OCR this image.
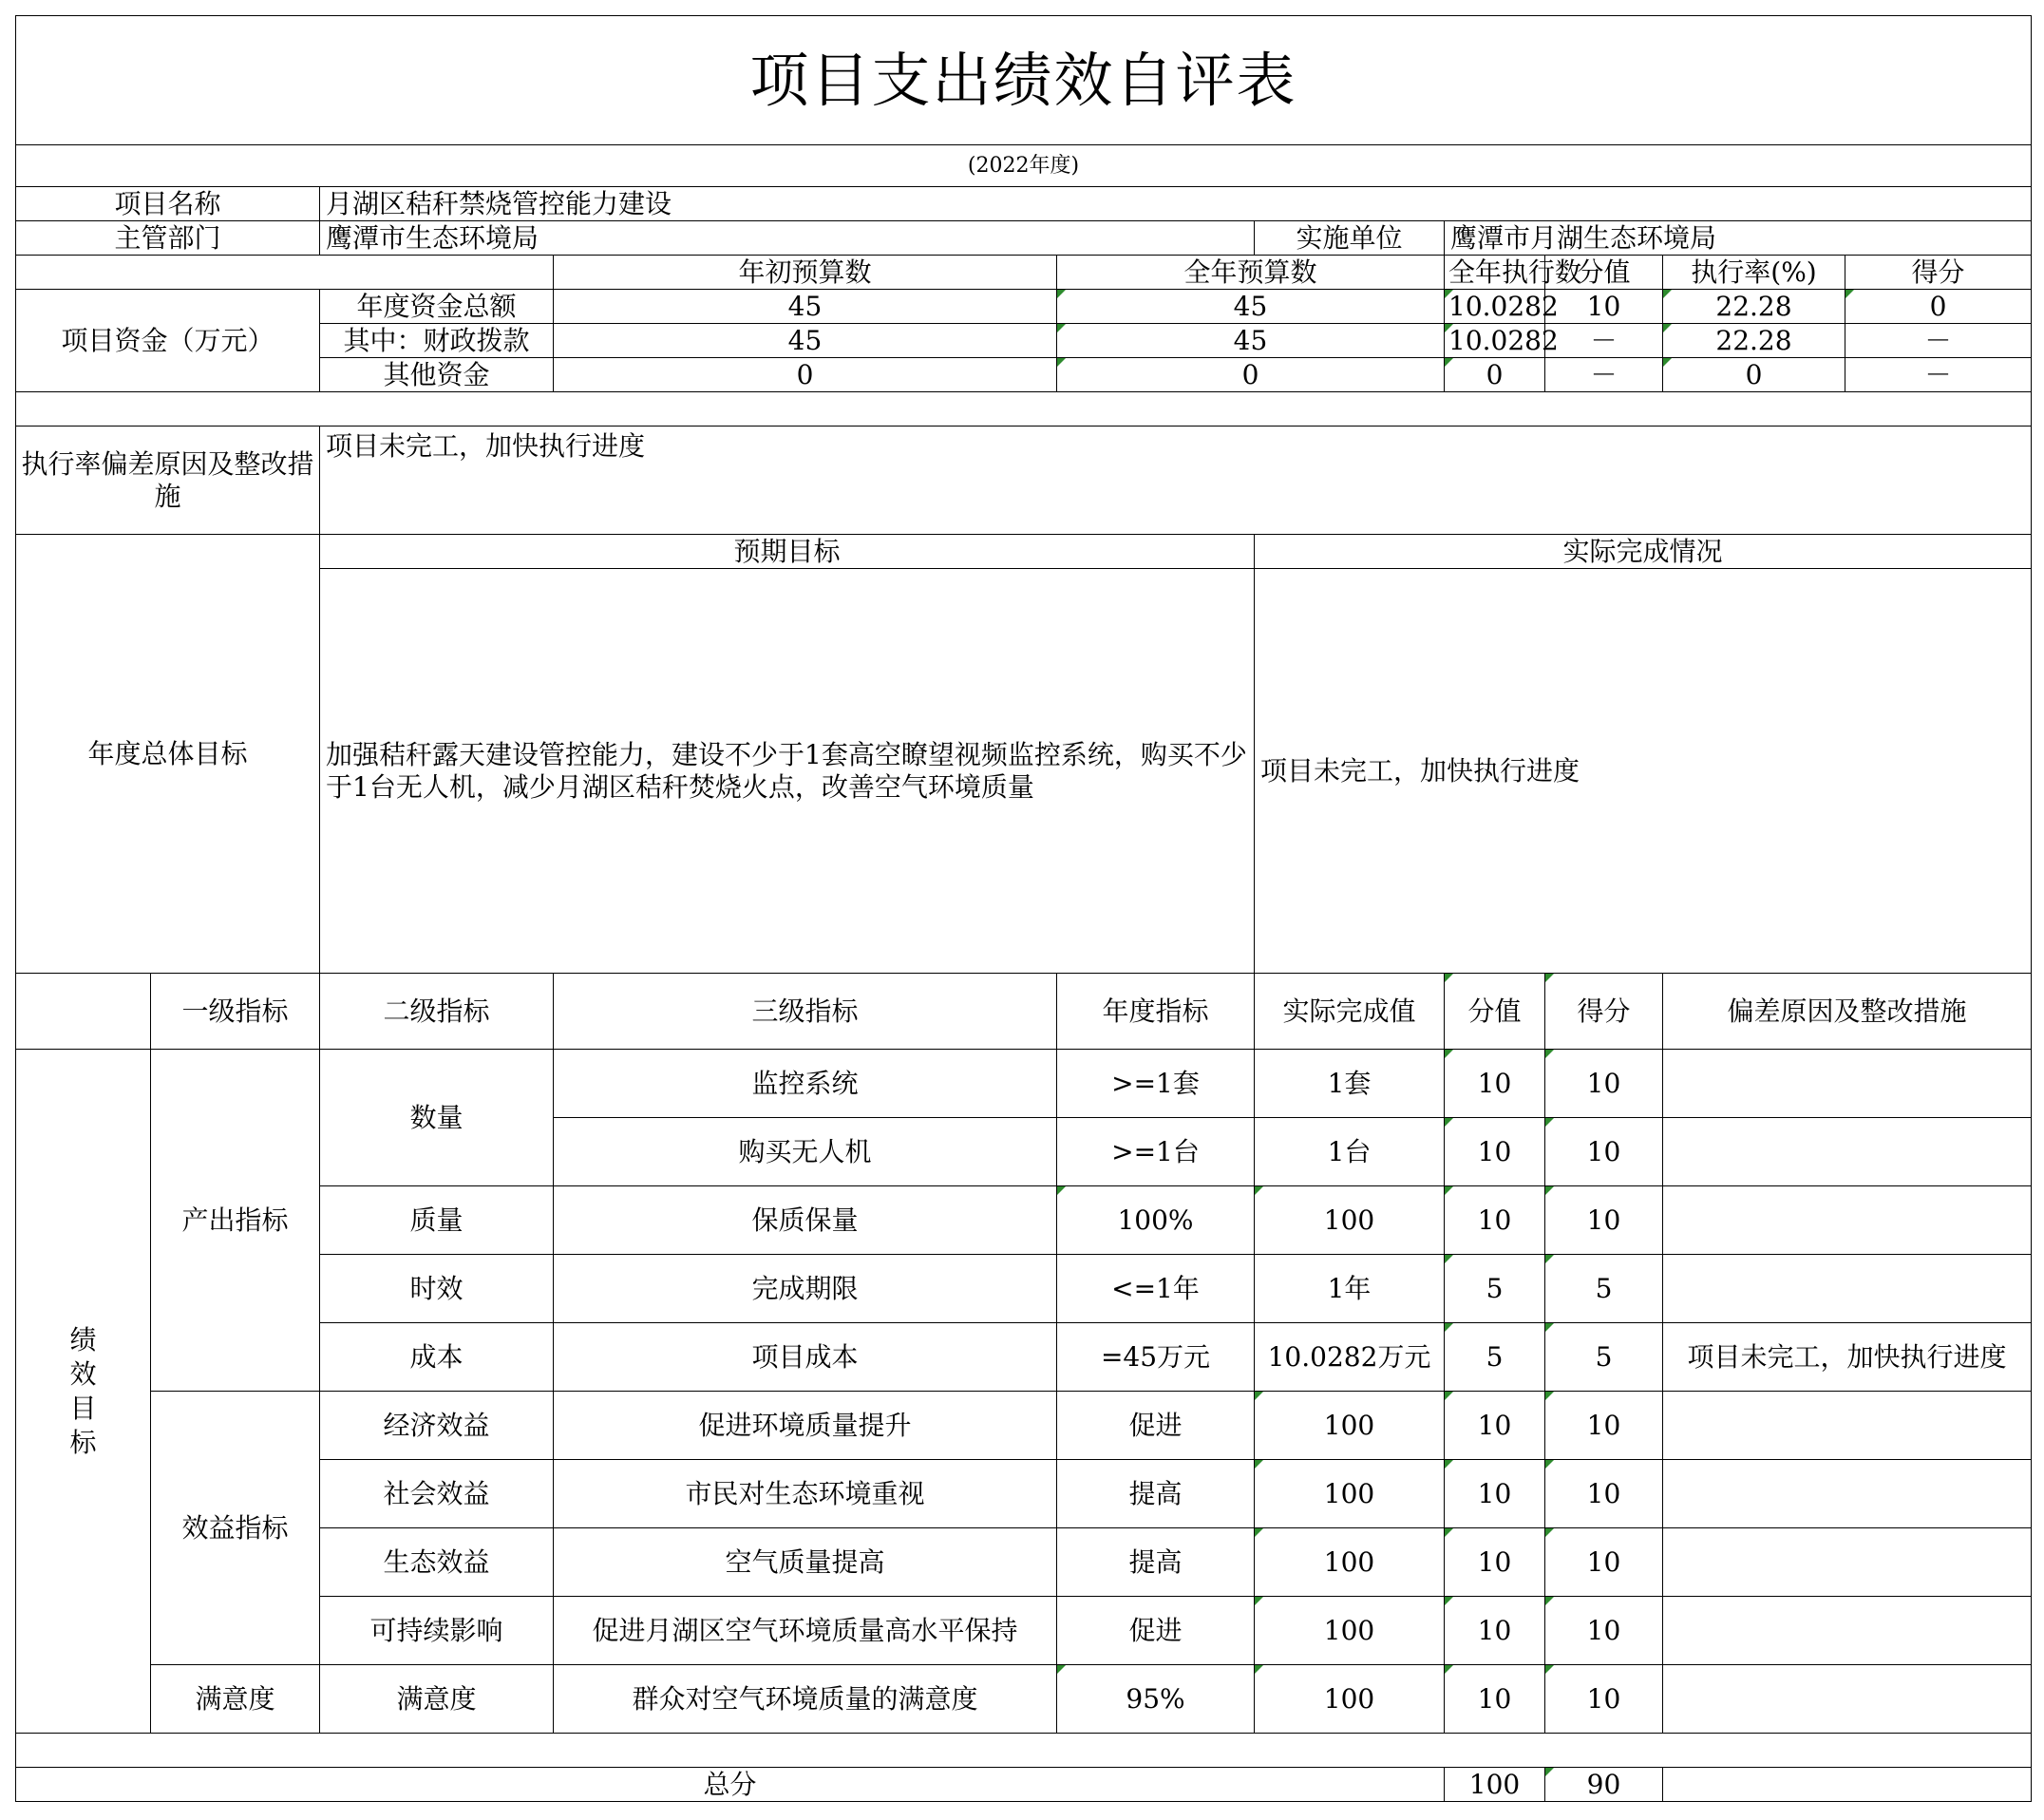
项目支出绩效自评表									
(2022年度)									
项目名称		月湖区秸秆禁烧管控能力建设							
主管部门		鹰潭市生态环境局			实施单位	鹰潭市月湖生态环境局			
			年初预算数	全年预算数		全年执行数	分值	执行率(%)	得分
项目资金（万元）		年度资金总额	45	45		10.0282	10	22.28	0
		其中：财政拨款	45	45		10.0282	－	22.28	－
		其他资金	0	0		0	－	0	－

执行率偏差原因及整改措施		项目未完工，加快执行进度							
年度总体目标		预期目标			实际完成情况				
		加强秸秆露天建设管控能力，建设不少于1套高空瞭望视频监控系统，购买不少于1台无人机，减少月湖区秸秆焚烧火点，改善空气环境质量			项目未完工，加快执行进度				
	一级指标	二级指标	三级指标	年度指标	实际完成值	分值	得分	偏差原因及整改措施	
绩效目标	产出指标	数量	监控系统	>=1套	1套	10	10		
			购买无人机	>=1台	1台	10	10		
		质量	保质保量	100%	100	10	10		
		时效	完成期限	<=1年	1年	5	5		
		成本	项目成本	=45万元	10.0282万元	5	5	项目未完工，加快执行进度	
	效益指标	经济效益	促进环境质量提升	促进	100	10	10		
		社会效益	市民对生态环境重视	提高	100	10	10		
		生态效益	空气质量提高	提高	100	10	10		
		可持续影响	促进月湖区空气环境质量高水平保持	促进	100	10	10		
	满意度	满意度	群众对空气环境质量的满意度	95%	100	10	10		

总分						100	90		
